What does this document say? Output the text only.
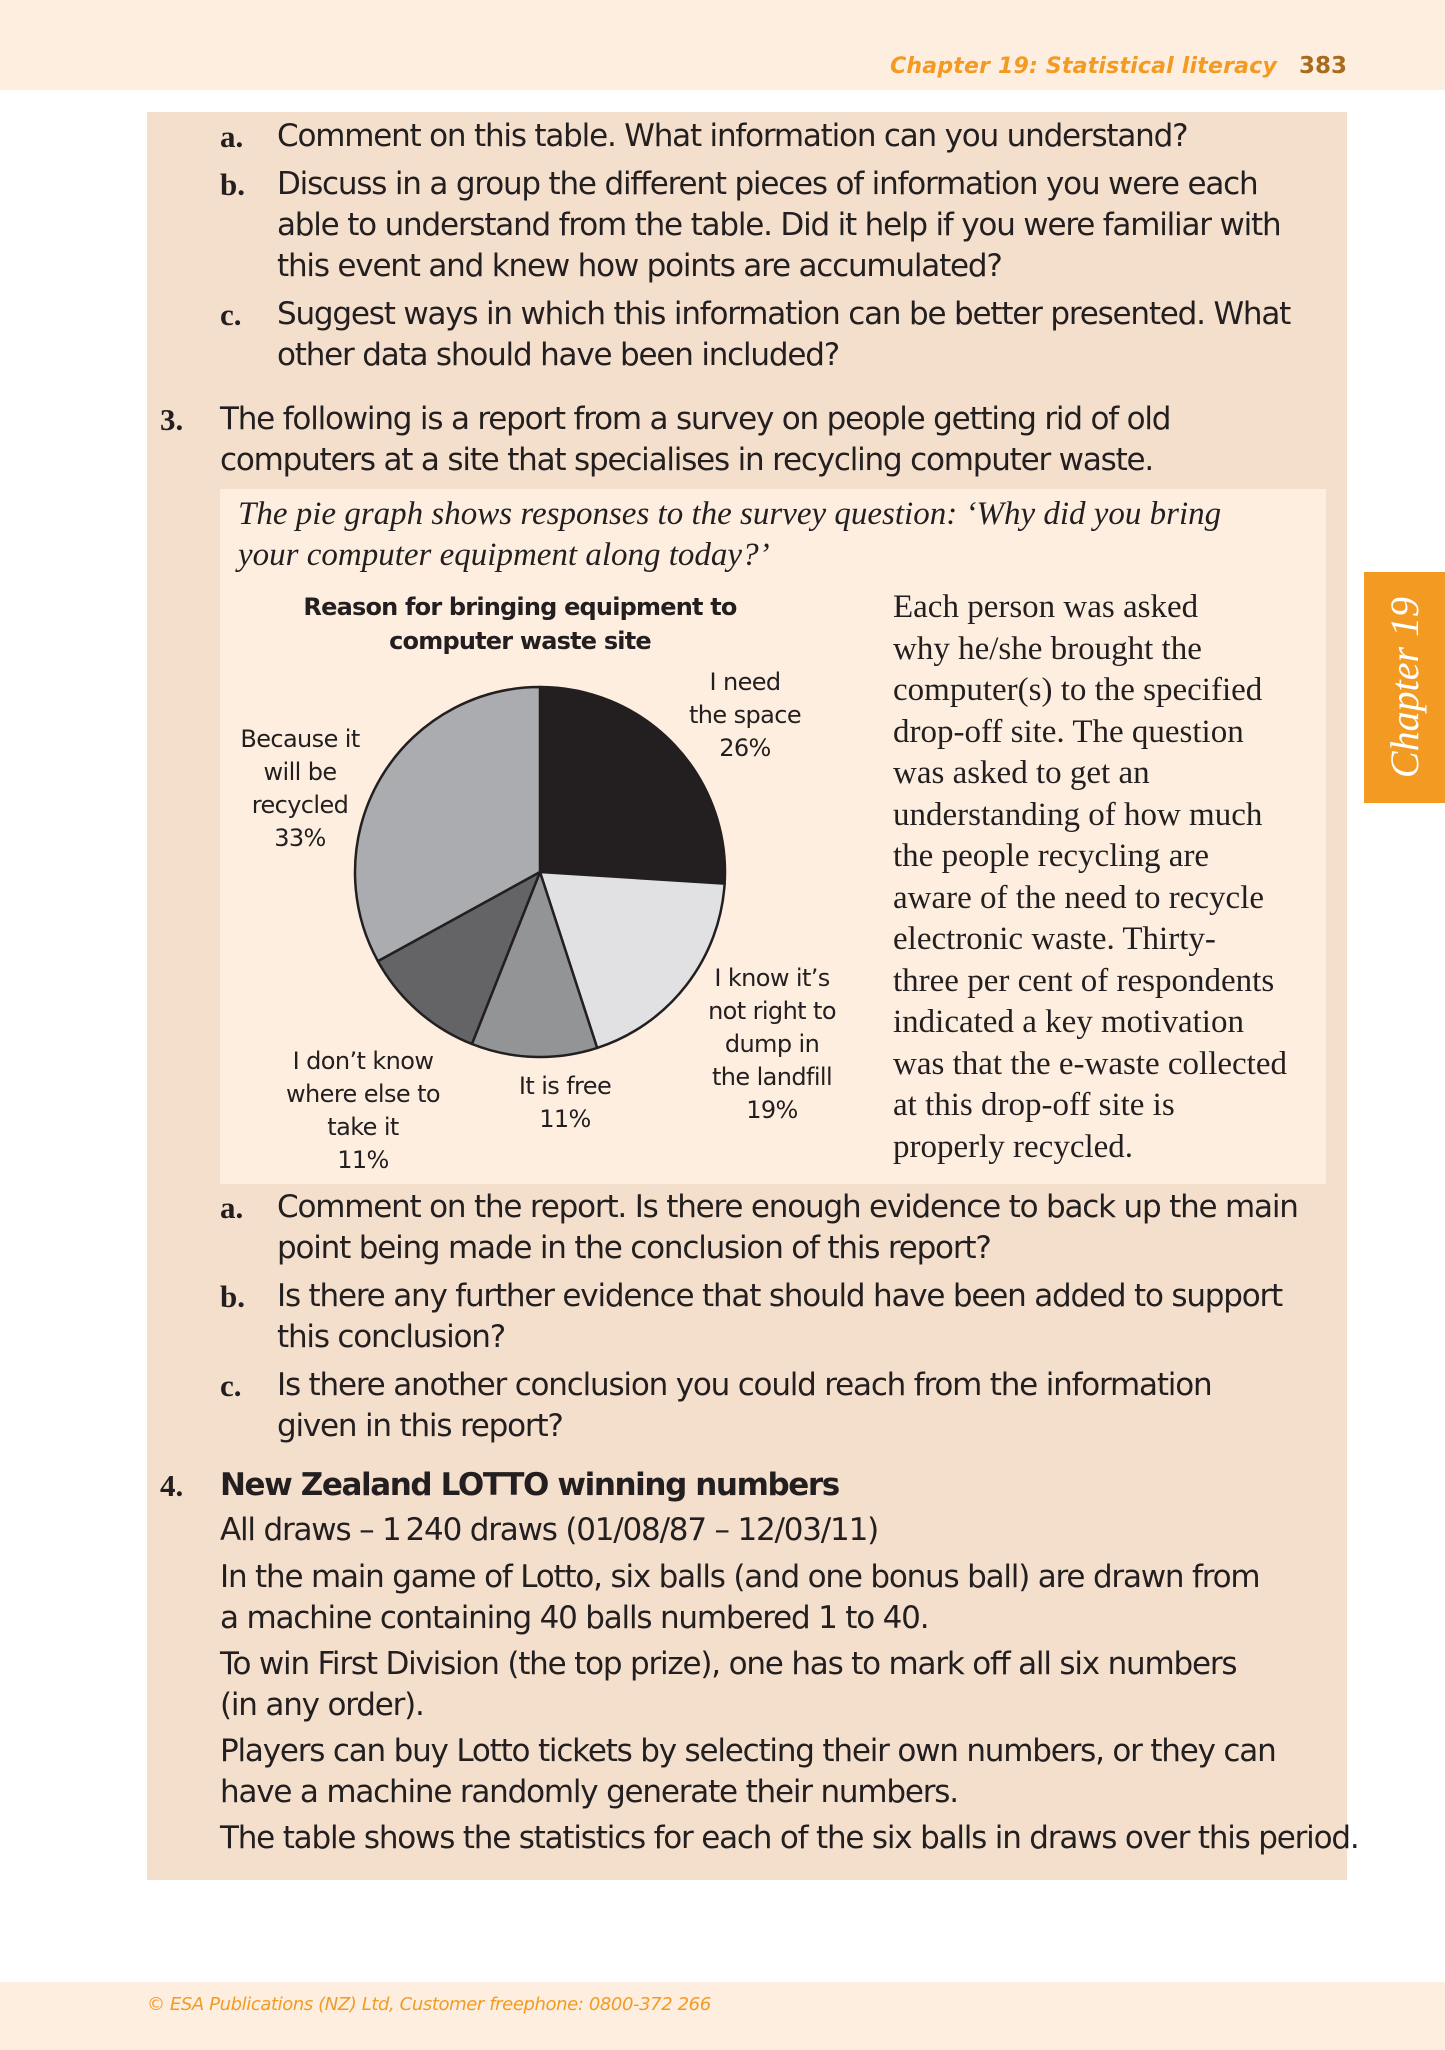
Chapter 19: Statistical literacy 383
Chapter 19
a. Comment on this table. What information can you understand?
b. Discuss in a group the different pieces of information you were each
able to understand from the table. Did it help if you were familiar with
this event and knew how points are accumulated?
c. Suggest ways in which this information can be better presented. What
other data should have been included?
3. The following is a report from a survey on people getting rid of old
computers at a site that specialises in recycling computer waste.
The pie graph shows responses to the survey question: ‘Why did you bring
your computer equipment along today?’
Reason for bringing equipment to
computer waste site
I need
the space
26%
I know it’s
not right to
dump in
the landfill
19%
It is free
11%
I don’t know
where else to
take it
11%
Because it
will be
recycled
33%
Each person was asked
why he/she brought the
computer(s) to the specified
drop-off site. The question
was asked to get an
understanding of how much
the people recycling are
aware of the need to recycle
electronic waste. Thirty-
three per cent of respondents
indicated a key motivation
was that the e-waste collected
at this drop-off site is
properly recycled.
a. Comment on the report. Is there enough evidence to back up the main
point being made in the conclusion of this report?
b. Is there any further evidence that should have been added to support
this conclusion?
c. Is there another conclusion you could reach from the information
given in this report?
4. New Zealand LOTTO winning numbers
All draws – 1 240 draws (01/08/87 – 12/03/11)
In the main game of Lotto, six balls (and one bonus ball) are drawn from
a machine containing 40 balls numbered 1 to 40.
To win First Division (the top prize), one has to mark off all six numbers
(in any order).
Players can buy Lotto tickets by selecting their own numbers, or they can
have a machine randomly generate their numbers.
The table shows the statistics for each of the six balls in draws over this period.
© ESA Publications (NZ) Ltd, Customer freephone: 0800-372 266
